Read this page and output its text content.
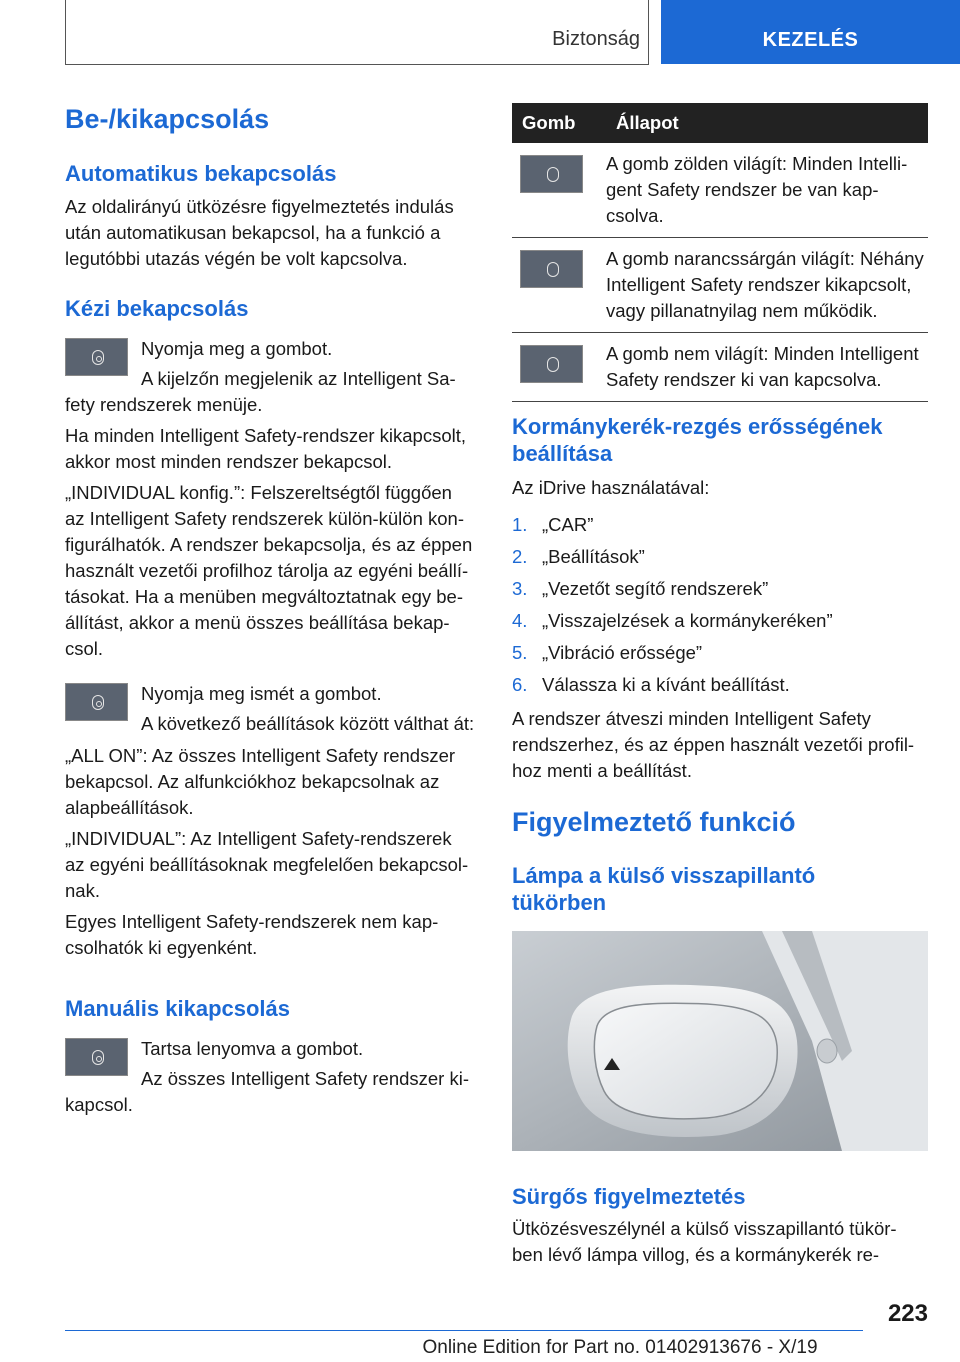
Biztonság	KEZELÉS
Be-/kikapcsolás
Automatikus bekapcsolás

Az oldalirányú ütközésre figyelmeztetés indulás

után automatikusan bekapcsol, ha a funkció a

legutóbbi utazás végén be volt kapcsolva.

Kézi bekapcsolás

Nyomja meg a gombot.

A kijelzőn megjelenik az Intelligent Sa-

fety rendszerek menüje.

Ha minden Intelligent Safety-rendszer kikapcsolt,

akkor most minden rendszer bekapcsol.

„INDIVIDUAL konfig.”: Felszereltségtől függően

az Intelligent Safety rendszerek külön-külön kon-

figurálhatók. A rendszer bekapcsolja, és az éppen

használt vezetői profilhoz tárolja az egyéni beállí-

tásokat. Ha a menüben megváltoztatnak egy be-

állítást, akkor a menü összes beállítása bekap-

csol.

Nyomja meg ismét a gombot.

A következő beállítások között válthat át:

„ALL ON”: Az összes Intelligent Safety rendszer

bekapcsol. Az alfunkciókhoz bekapcsolnak az

alapbeállítások.

„INDIVIDUAL”: Az Intelligent Safety-rendszerek

az egyéni beállításoknak megfelelően bekapcsol-

nak.

Egyes Intelligent Safety-rendszerek nem kap-

csolhatók ki egyenként.

Manuális kikapcsolás

Tartsa lenyomva a gombot.

Az összes Intelligent Safety rendszer ki-

kapcsol.

Gomb	Állapot

	A gomb zölden világít: Minden Intelli-
gent Safety rendszer be van kap-
csolva.

	A gomb narancssárgán világít: Néhány
Intelligent Safety rendszer kikapcsolt,
vagy pillanatnyilag nem működik.

	A gomb nem világít: Minden Intelligent
Safety rendszer ki van kapcsolva.
Kormánykerék-rezgés erősségének
beállítása

Az iDrive használatával:

1. „CAR”
2. „Beállítások”
3. „Vezetőt segítő rendszerek”
4. „Visszajelzések a kormánykeréken”
5. „Vibráció erőssége”
6. Válassza ki a kívánt beállítást.

A rendszer átveszi minden Intelligent Safety

rendszerhez, és az éppen használt vezetői profil-

hoz menti a beállítást.

Figyelmeztető funkció
Lámpa a külső visszapillantó
tükörben
Sürgős figyelmeztetés

Ütközésveszélynél a külső visszapillantó tükör-

ben lévő lámpa villog, és a kormánykerék re-

223
Online Edition for Part no. 01402913676 - X/19
